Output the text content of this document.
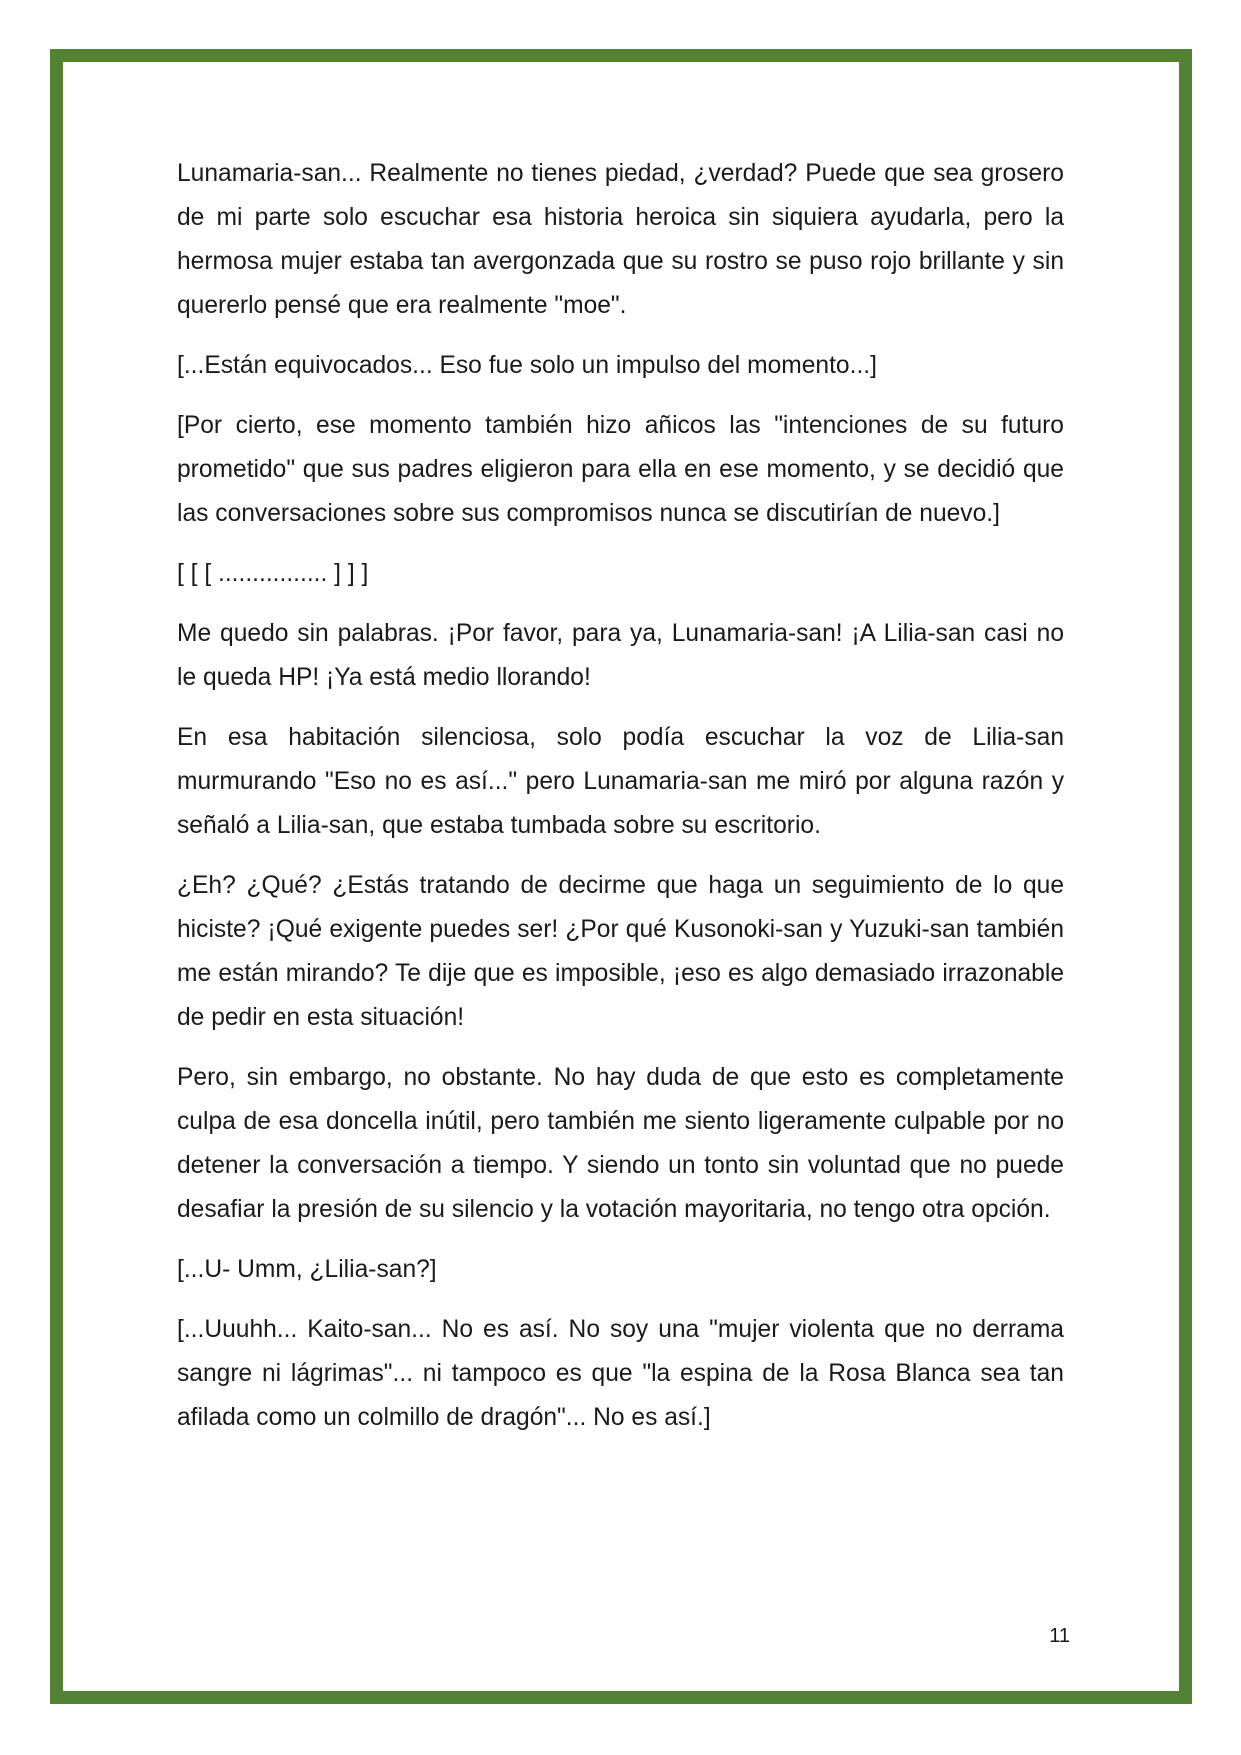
Lunamaria-san... Realmente no tienes piedad, ¿verdad? Puede que sea grosero de mi parte solo escuchar esa historia heroica sin siquiera ayudarla, pero la hermosa mujer estaba tan avergonzada que su rostro se puso rojo brillante y sin quererlo pensé que era realmente "moe".

[...Están equivocados... Eso fue solo un impulso del momento...]

[Por cierto, ese momento también hizo añicos las "intenciones de su futuro prometido" que sus padres eligieron para ella en ese momento, y se decidió que las conversaciones sobre sus compromisos nunca se discutirían de nuevo.]

[ [ [ ................ ] ] ]

Me quedo sin palabras. ¡Por favor, para ya, Lunamaria-san! ¡A Lilia-san casi no le queda HP! ¡Ya está medio llorando!

En esa habitación silenciosa, solo podía escuchar la voz de Lilia-san murmurando "Eso no es así..." pero Lunamaria-san me miró por alguna razón y señaló a Lilia-san, que estaba tumbada sobre su escritorio.

¿Eh? ¿Qué? ¿Estás tratando de decirme que haga un seguimiento de lo que hiciste? ¡Qué exigente puedes ser! ¿Por qué Kusonoki-san y Yuzuki-san también me están mirando? Te dije que es imposible, ¡eso es algo demasiado irrazonable de pedir en esta situación!

Pero, sin embargo, no obstante. No hay duda de que esto es completamente culpa de esa doncella inútil, pero también me siento ligeramente culpable por no detener la conversación a tiempo. Y siendo un tonto sin voluntad que no puede desafiar la presión de su silencio y la votación mayoritaria, no tengo otra opción.

[...U- Umm, ¿Lilia-san?]

[...Uuuhh... Kaito-san... No es así. No soy una "mujer violenta que no derrama sangre ni lágrimas"... ni tampoco es que "la espina de la Rosa Blanca sea tan afilada como un colmillo de dragón"... No es así.]

11
